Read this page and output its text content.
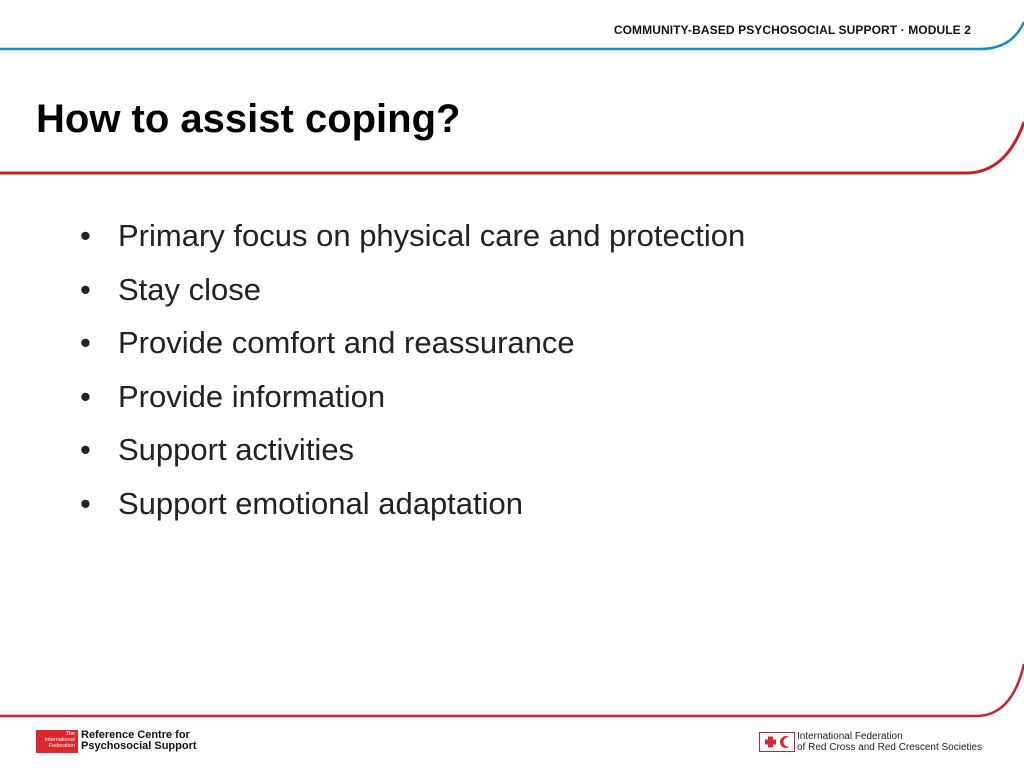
COMMUNITY-BASED PSYCHOSOCIAL SUPPORT · MODULE 2
How to assist coping?
• Primary focus on physical care and protection
• Stay close
• Provide comfort and reassurance
• Provide information
• Support activities
• Support emotional adaptation
The
International
Federation
Reference Centre for
Psychosocial Support
International Federation
of Red Cross and Red Crescent Societies
